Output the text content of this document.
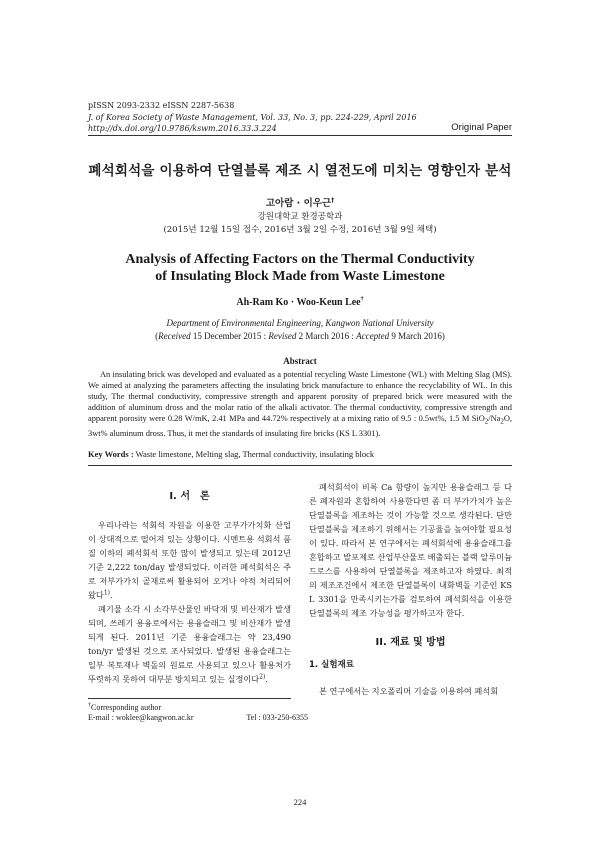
pISSN 2093-2332 eISSN 2287-5638
J. of Korea Society of Waste Management, Vol. 33, No. 3, pp. 224-229, April 2016
http://dx.doi.org/10.9786/kswm.2016.33.3.224	Original Paper
폐석회석을 이용하여 단열블록 제조 시 열전도에 미치는 영향인자 분석
고아람 · 이우근†
강원대학교 환경공학과
(2015년 12월 15일 접수, 2016년 3월 2일 수정, 2016년 3월 9일 채택)
Analysis of Affecting Factors on the Thermal Conductivity
of Insulating Block Made from Waste Limestone
Ah-Ram Ko · Woo-Keun Lee†
Department of Environmental Engineering, Kangwon National University
(Received 15 December 2015 : Revised 2 March 2016 : Accepted 9 March 2016)
Abstract

An insulating brick was developed and evaluated as a potential recycling Waste Limestone (WL) with Melting Slag (MS). We aimed at analyzing the parameters affecting the insulating brick manufacture to enhance the recyclability of WL. In this study, The thermal conductivity, compressive strength and apparent porosity of prepared brick were measured with the addition of aluminum dross and the molar ratio of the alkali activator. The thermal conductivity, compressive strength and apparent porosity were 0.28 W/mK, 2.41 MPa and 44.72% respectively at a mixing ratio of 9.5 : 0.5wt%, 1.5 M $SiO_2/Na_2O$, 3wt% aluminum dross. Thus, it met the standards of insulating fire bricks (KS L 3301).

Key Words : Waste limestone, Melting slag, Thermal conductivity, insulating block
I. 서　론

우리나라는 석회석 자원을 이용한 고부가가치화 산업이 상대적으로 떨어져 있는 상황이다. 시멘트용 석회석 품질 이하의 폐석회석 또한 많이 발생되고 있는데 2012년 기준 2,222 ton/day 발생되었다. 이러한 폐석회석은 주로 저부가가치 골재로써 활용되어 오거나 야적 처리되어 왔다$^{1)}$.

폐기물 소각 시 소각부산물인 바닥재 및 비산재가 발생되며, 쓰레기 용융로에서는 용융슬래그 및 비산재가 발생되게 된다. 2011년 기준 용융슬래그는 약 23,490 ton/yr 발생된 것으로 조사되었다. 발생된 용융슬래그는 일부 복토재나 벽돌의 원료로 사용되고 있으나 활용처가 뚜렷하지 못하여 대부분 방치되고 있는 실정이다$^{2)}$.

폐석회석이 비록 Ca 함량이 높지만 용융슬래그 등 다른 폐자원과 혼합하여 사용한다면 좀 더 부가가치가 높은 단열블록을 제조하는 것이 가능할 것으로 생각된다. 단만 단열블록을 제조하기 위해서는 기공율을 높여야할 필요성이 있다. 따라서 본 연구에서는 폐석회석에 용융슬래그를 혼합하고 발포제로 산업부산물로 배출되는 블랙 알루미늄 드로스를 사용하여 단열블록을 제조하고자 하였다. 최적의 제조조건에서 제조한 단열블록이 내화벽돌 기준인 KS L 3301을 만족시키는가를 검토하여 폐석회석을 이용한 단열블록의 제조 가능성을 평가하고자 한다.

II. 재료 및 방법
1. 실험재료

본 연구에서는 지오폴리머 기술을 이용하여 폐석회

†Corresponding author
E-mail : woklee@kangwon.ac.kr	Tel : 033-250-6355
224
